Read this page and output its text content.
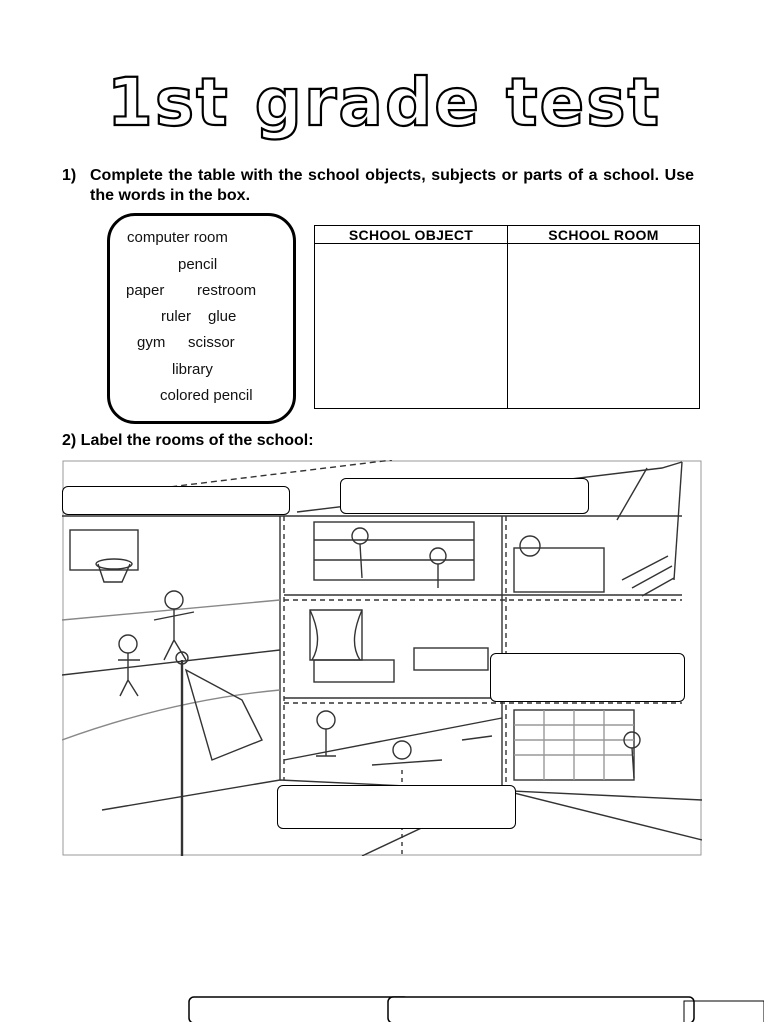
1st grade test
1) Complete the table with the school objects, subjects or parts of a school. Use the words in the box.
computer room
pencil
paper restroom
ruler glue
gym scissor
library
colored pencil
SCHOOL OBJECT	SCHOOL ROOM

2) Label the rooms of the school:
